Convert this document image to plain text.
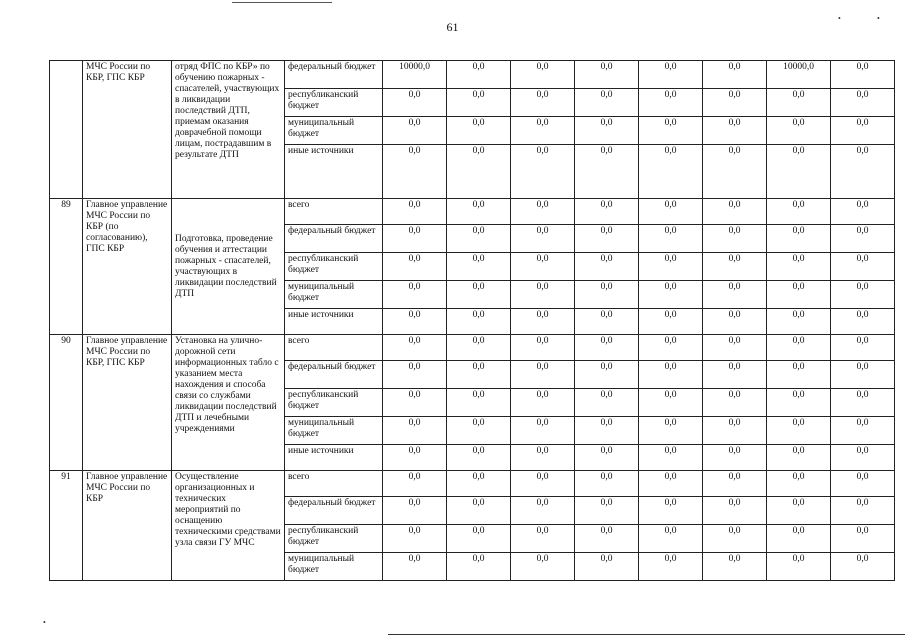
61
•	•
•
	МЧС России по КБР, ГПС КБР	отряд ФПС по КБР» по обучению пожарных - спасателей, участвующих в ликвидации последствий ДТП, приемам оказания доврачебной помощи лицам, пострадавшим в результате ДТП	федеральный бюджет	10000,0	0,0	0,0	0,0	0,0	0,0	10000,0	0,0
			республиканский бюджет	0,0	0,0	0,0	0,0	0,0	0,0	0,0	0,0
			муниципальный бюджет	0,0	0,0	0,0	0,0	0,0	0,0	0,0	0,0
			иные источники	0,0	0,0	0,0	0,0	0,0	0,0	0,0	0,0
89	Главное управление МЧС России по КБР (по согласованию), ГПС КБР	Подготовка, проведение обучения и аттестации пожарных - спасателей, участвующих в ликвидации последствий ДТП	всего	0,0	0,0	0,0	0,0	0,0	0,0	0,0	0,0
			федеральный бюджет	0,0	0,0	0,0	0,0	0,0	0,0	0,0	0,0
			республиканский бюджет	0,0	0,0	0,0	0,0	0,0	0,0	0,0	0,0
			муниципальный бюджет	0,0	0,0	0,0	0,0	0,0	0,0	0,0	0,0
			иные источники	0,0	0,0	0,0	0,0	0,0	0,0	0,0	0,0
90	Главное управление МЧС России по КБР, ГПС КБР	Установка на улично-дорожной сети информационных табло с указанием места нахождения и способа связи со службами ликвидации последствий ДТП и лечебными учреждениями	всего	0,0	0,0	0,0	0,0	0,0	0,0	0,0	0,0
			федеральный бюджет	0,0	0,0	0,0	0,0	0,0	0,0	0,0	0,0
			республиканский бюджет	0,0	0,0	0,0	0,0	0,0	0,0	0,0	0,0
			муниципальный бюджет	0,0	0,0	0,0	0,0	0,0	0,0	0,0	0,0
			иные источники	0,0	0,0	0,0	0,0	0,0	0,0	0,0	0,0
91	Главное управление МЧС России по КБР	Осуществление организационных и технических мероприятий по оснащению техническими средствами узла связи ГУ МЧС	всего	0,0	0,0	0,0	0,0	0,0	0,0	0,0	0,0
			федеральный бюджет	0,0	0,0	0,0	0,0	0,0	0,0	0,0	0,0
			республиканский бюджет	0,0	0,0	0,0	0,0	0,0	0,0	0,0	0,0
			муниципальный бюджет	0,0	0,0	0,0	0,0	0,0	0,0	0,0	0,0
